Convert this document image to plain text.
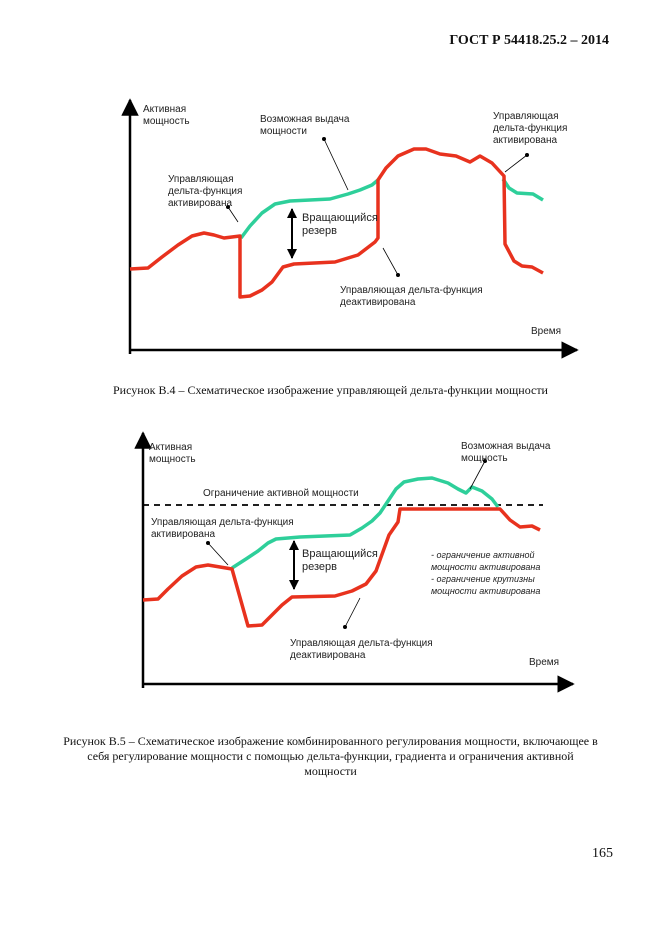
ГОСТ Р 54418.25.2 – 2014
Активная
мощность	Возможная выдача
мощности
Управляющая
дельта-функция
активирована
Управляющая
дельта-функция
активирована
Вращающийся
резерв
Управляющая дельта-функция
деактивирована
Время
Рисунок В.4 – Схематическое изображение управляющей дельта-функции мощности
Активная
мощность
Возможная выдача
мощность
Ограничение активной мощности
Управляющая дельта-функция
активирована
Вращающийся
резерв
- ограничение активной
мощности активирована
- ограничение крутизны
мощности активирована
Управляющая дельта-функция
деактивирована
Время
Рисунок В.5 – Схематическое изображение комбинированного регулирования мощности, включающее в себя регулирование мощности с помощью дельта-функции, градиента и ограничения активной мощности
165
